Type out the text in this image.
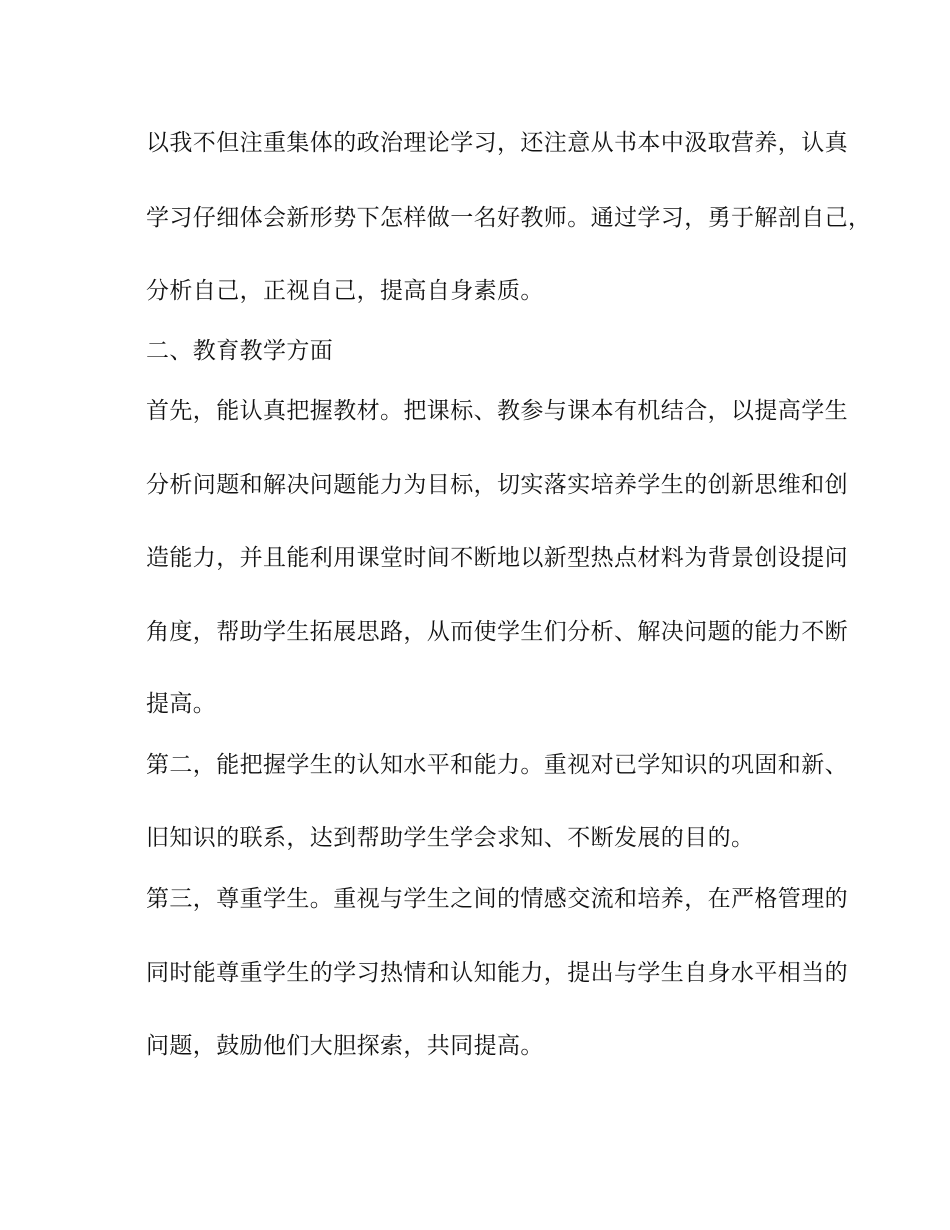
以我不但注重集体的政治理论学习，还注意从书本中汲取营养，认真
学习仔细体会新形势下怎样做一名好教师。通过学习，勇于解剖自己，
分析自己，正视自己，提高自身素质。
二、教育教学方面
首先，能认真把握教材。把课标、教参与课本有机结合，以提高学生
分析问题和解决问题能力为目标，切实落实培养学生的创新思维和创
造能力，并且能利用课堂时间不断地以新型热点材料为背景创设提问
角度，帮助学生拓展思路，从而使学生们分析、解决问题的能力不断
提高。
第二，能把握学生的认知水平和能力。重视对已学知识的巩固和新、
旧知识的联系，达到帮助学生学会求知、不断发展的目的。
第三，尊重学生。重视与学生之间的情感交流和培养，在严格管理的
同时能尊重学生的学习热情和认知能力，提出与学生自身水平相当的
问题，鼓励他们大胆探索，共同提高。
